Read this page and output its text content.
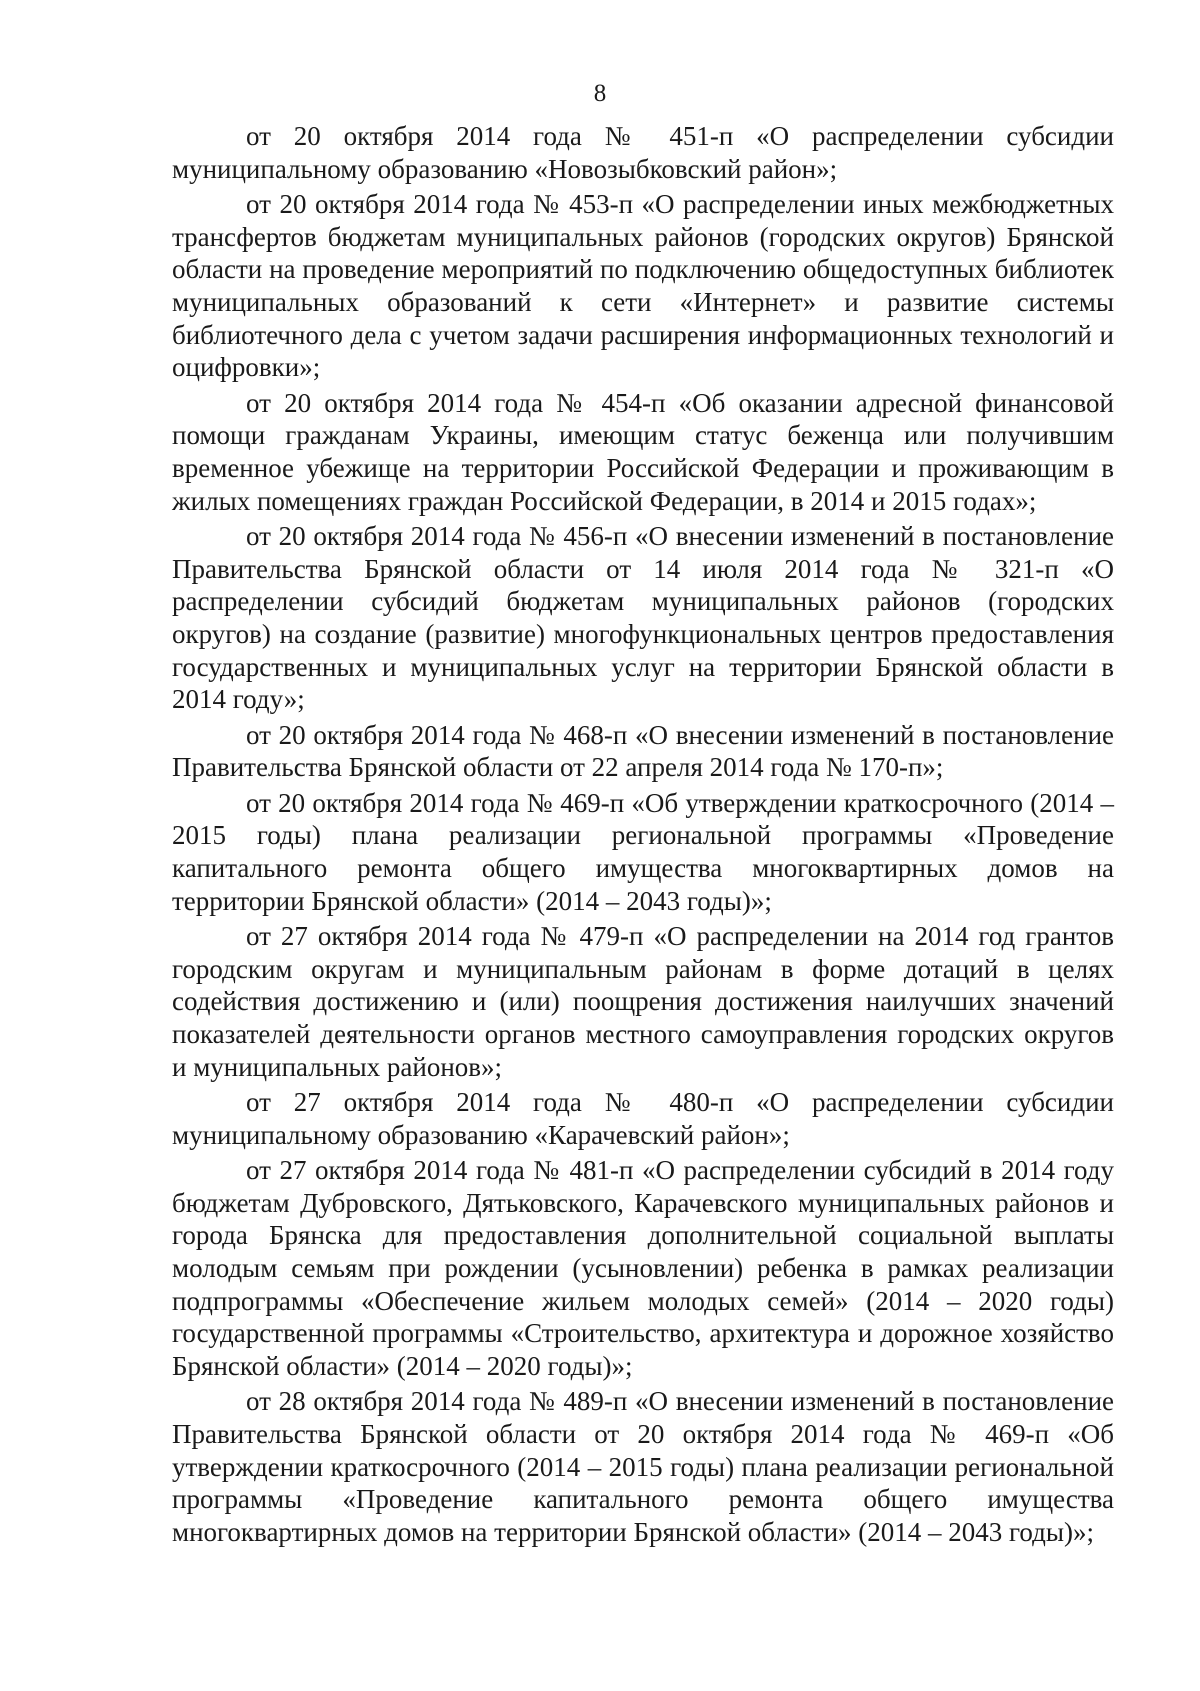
8

от 20 октября 2014 года № 451-п «О распределении субсидии муниципальному образованию «Новозыбковский район»;

от 20 октября 2014 года № 453-п «О распределении иных межбюджетных трансфертов бюджетам муниципальных районов (городских округов) Брянской области на проведение мероприятий по подключению общедоступных библиотек муниципальных образований к сети «Интернет» и развитие системы библиотечного дела с учетом задачи расширения информационных технологий и оцифровки»;

от 20 октября 2014 года № 454-п «Об оказании адресной финансовой помощи гражданам Украины, имеющим статус беженца или получившим временное убежище на территории Российской Федерации и проживающим в жилых помещениях граждан Российской Федерации, в 2014 и 2015 годах»;

от 20 октября 2014 года № 456-п «О внесении изменений в постановление Правительства Брянской области от 14 июля 2014 года № 321-п «О распределении субсидий бюджетам муниципальных районов (городских округов) на создание (развитие) многофункциональных центров предоставления государственных и муниципальных услуг на территории Брянской области в 2014 году»;

от 20 октября 2014 года № 468-п «О внесении изменений в постановление Правительства Брянской области от 22 апреля 2014 года № 170-п»;

от 20 октября 2014 года № 469-п «Об утверждении краткосрочного (2014 – 2015 годы) плана реализации региональной программы «Проведение капитального ремонта общего имущества многоквартирных домов на территории Брянской области» (2014 – 2043 годы)»;

от 27 октября 2014 года № 479-п «О распределении на 2014 год грантов городским округам и муниципальным районам в форме дотаций в целях содействия достижению и (или) поощрения достижения наилучших значений показателей деятельности органов местного самоуправления городских округов и муниципальных районов»;

от 27 октября 2014 года № 480-п «О распределении субсидии муниципальному образованию «Карачевский район»;

от 27 октября 2014 года № 481-п «О распределении субсидий в 2014 году бюджетам Дубровского, Дятьковского, Карачевского муниципальных районов и города Брянска для предоставления дополнительной социальной выплаты молодым семьям при рождении (усыновлении) ребенка в рамках реализации подпрограммы «Обеспечение жильем молодых семей» (2014 – 2020 годы) государственной программы «Строительство, архитектура и дорожное хозяйство Брянской области» (2014 – 2020 годы)»;

от 28 октября 2014 года № 489-п «О внесении изменений в постановление Правительства Брянской области от 20 октября 2014 года № 469-п «Об утверждении краткосрочного (2014 – 2015 годы) плана реализации региональной программы «Проведение капитального ремонта общего имущества многоквартирных домов на территории Брянской области» (2014 – 2043 годы)»;
